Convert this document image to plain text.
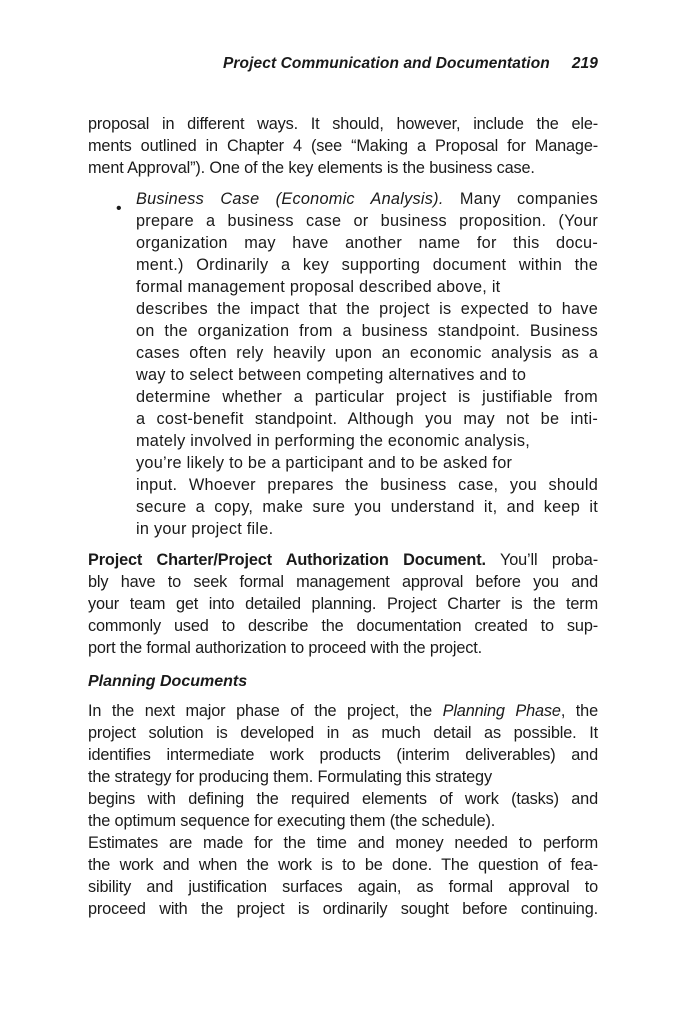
Project Communication and Documentation 219
proposal in different ways. It should, however, include the ele-
ments outlined in Chapter 4 (see “Making a Proposal for Manage-
ment Approval”). One of the key elements is the business case.
•
Business Case (Economic Analysis). Many companies
prepare a business case or business proposition. (Your
organization may have another name for this docu-
ment.) Ordinarily a key supporting document within the
formal management proposal described above, it
describes the impact that the project is expected to have
on the organization from a business standpoint. Business
cases often rely heavily upon an economic analysis as a
way to select between competing alternatives and to
determine whether a particular project is justifiable from
a cost-benefit standpoint. Although you may not be inti-
mately involved in performing the economic analysis,
you’re likely to be a participant and to be asked for
input. Whoever prepares the business case, you should
secure a copy, make sure you understand it, and keep it
in your project file.
Project Charter/Project Authorization Document. You’ll proba-
bly have to seek formal management approval before you and
your team get into detailed planning. Project Charter is the term
commonly used to describe the documentation created to sup-
port the formal authorization to proceed with the project.
Planning Documents
In the next major phase of the project, the Planning Phase, the
project solution is developed in as much detail as possible. It
identifies intermediate work products (interim deliverables) and
the strategy for producing them. Formulating this strategy
begins with defining the required elements of work (tasks) and
the optimum sequence for executing them (the schedule).
Estimates are made for the time and money needed to perform
the work and when the work is to be done. The question of fea-
sibility and justification surfaces again, as formal approval to
proceed with the project is ordinarily sought before continuing.
